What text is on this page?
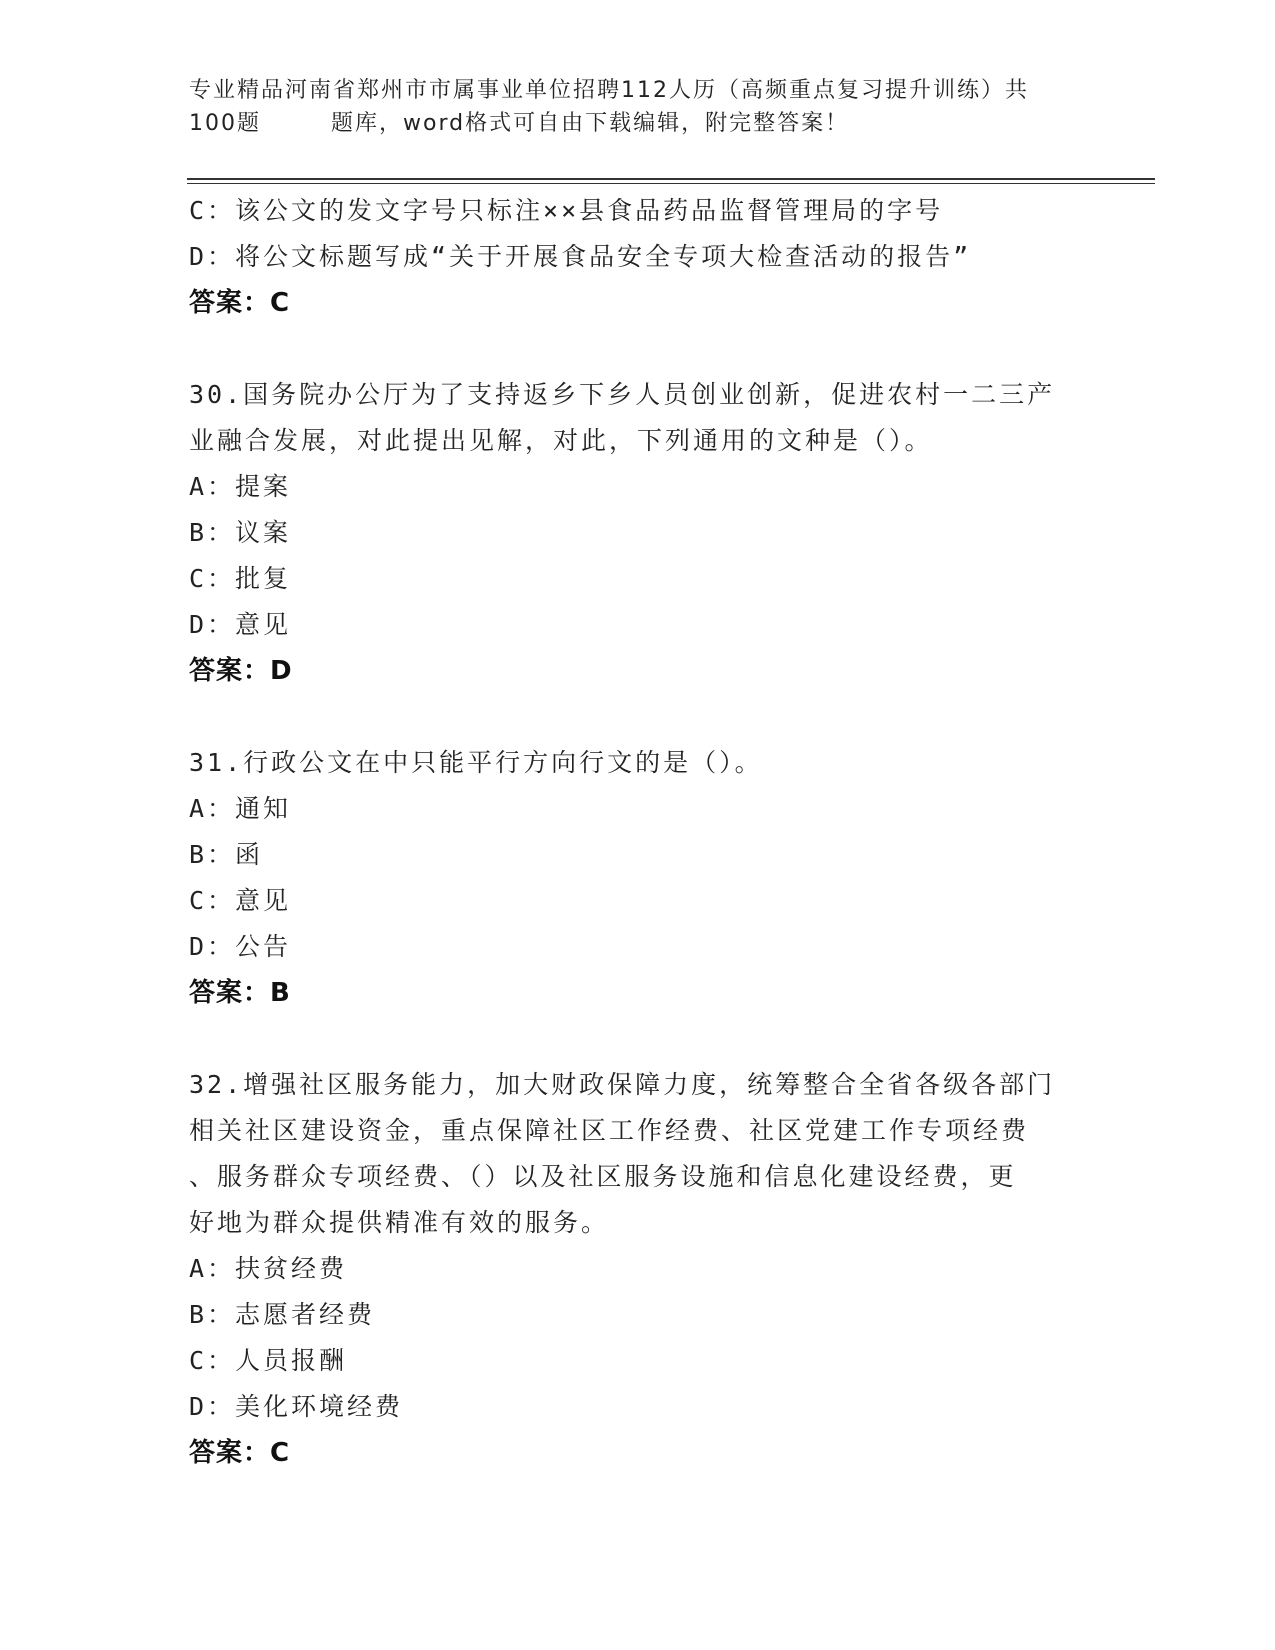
专业精品河南省郑州市市属事业单位招聘112人历（高频重点复习提升训练）共
100题	题库，word格式可自由下载编辑，附完整答案！
C：该公文的发文字号只标注××县食品药品监督管理局的字号
D：将公文标题写成“关于开展食品安全专项大检查活动的报告”
答案：C
30.国务院办公厅为了支持返乡下乡人员创业创新，促进农村一二三产
业融合发展，对此提出见解，对此，下列通用的文种是（）。
A：提案
B：议案
C：批复
D：意见
答案：D
31.行政公文在中只能平行方向行文的是（）。
A：通知
B：函
C：意见
D：公告
答案：B
32.增强社区服务能力，加大财政保障力度，统筹整合全省各级各部门
相关社区建设资金，重点保障社区工作经费、社区党建工作专项经费
、服务群众专项经费、（）以及社区服务设施和信息化建设经费，更
好地为群众提供精准有效的服务。
A：扶贫经费
B：志愿者经费
C：人员报酬
D：美化环境经费
答案：C
